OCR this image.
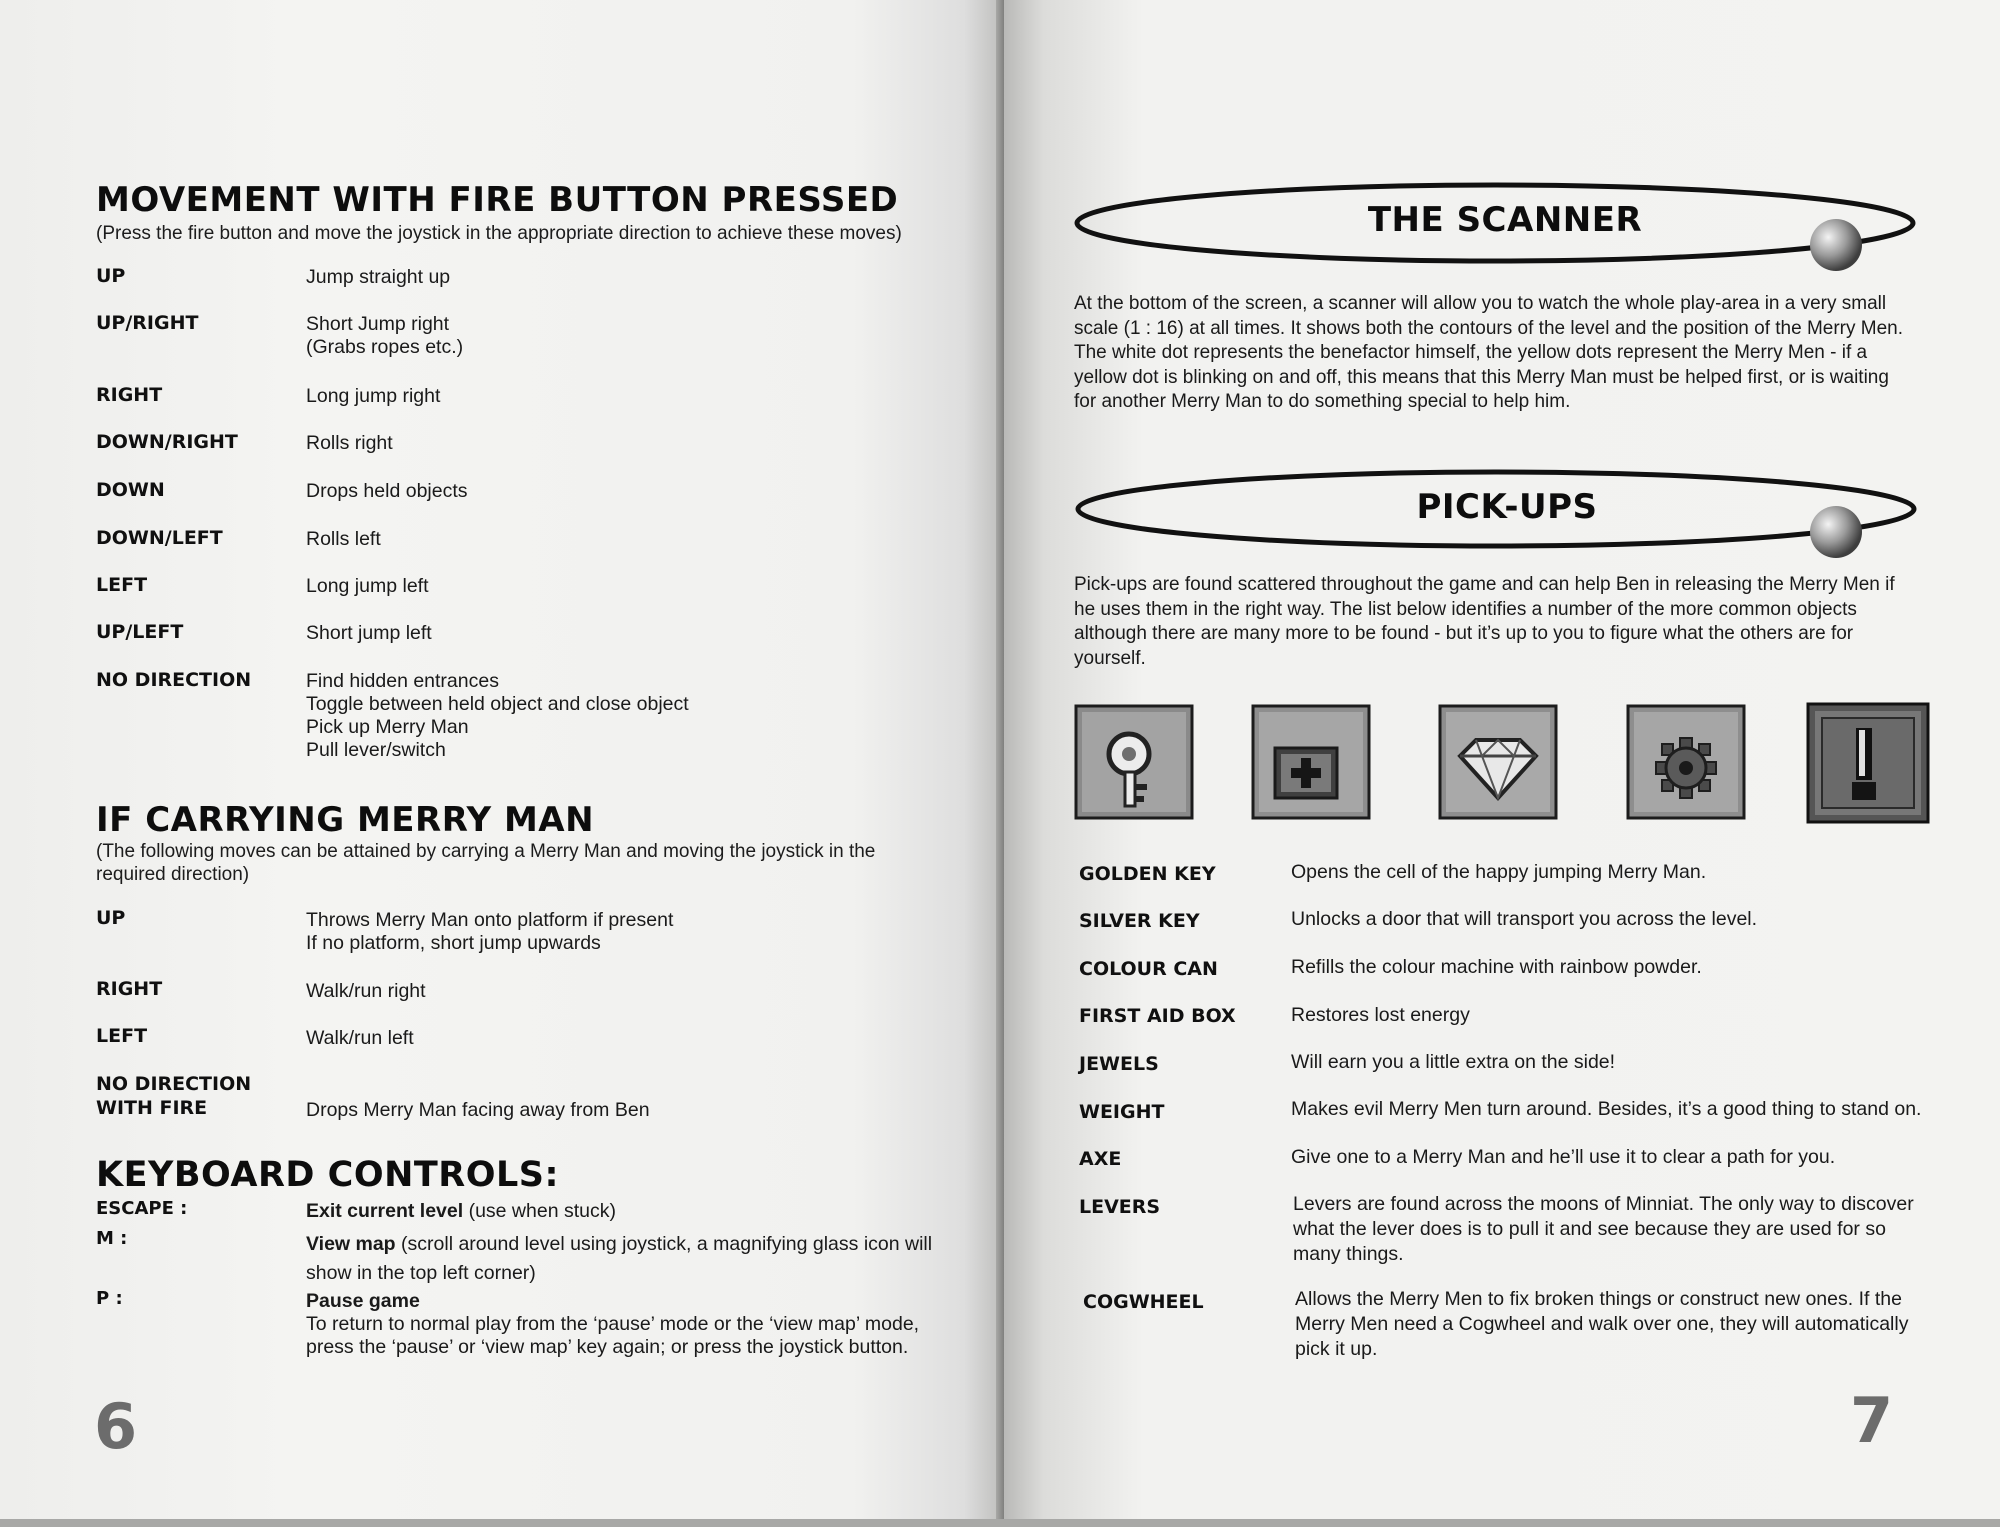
MOVEMENT WITH FIRE BUTTON PRESSED
(Press the fire button and move the joystick in the appropriate direction to achieve these moves)
UP	Jump straight up
UP/RIGHT	Short Jump right
(Grabs ropes etc.)
RIGHT	Long jump right
DOWN/RIGHT	Rolls right
DOWN	Drops held objects
DOWN/LEFT	Rolls left
LEFT	Long jump left
UP/LEFT	Short jump left
NO DIRECTION	Find hidden entrances
Toggle between held object and close object
Pick up Merry Man
Pull lever/switch
IF CARRYING MERRY MAN
(The following moves can be attained by carrying a Merry Man and moving the joystick in the
required direction)
UP	Throws Merry Man onto platform if present
If no platform, short jump upwards
RIGHT	Walk/run right
LEFT	Walk/run left
NO DIRECTION
WITH FIRE	Drops Merry Man facing away from Ben
KEYBOARD CONTROLS:
ESCAPE :	Exit current level (use when stuck)
M :	View map (scroll around level using joystick, a magnifying glass icon will
show in the top left corner)
P :	Pause game
To return to normal play from the ‘pause’ mode or the ‘view map’ mode,
press the ‘pause’ or ‘view map’ key again; or press the joystick button.
6
THE SCANNER
At the bottom of the screen, a scanner will allow you to watch the whole play-area in a very small
scale (1 : 16) at all times. It shows both the contours of the level and the position of the Merry Men.
The white dot represents the benefactor himself, the yellow dots represent the Merry Men - if a
yellow dot is blinking on and off, this means that this Merry Man must be helped first, or is waiting
for another Merry Man to do something special to help him.
PICK-UPS
Pick-ups are found scattered throughout the game and can help Ben in releasing the Merry Men if
he uses them in the right way. The list below identifies a number of the more common objects
although there are many more to be found - but it’s up to you to figure what the others are for
yourself.
GOLDEN KEY	Opens the cell of the happy jumping Merry Man.
SILVER KEY	Unlocks a door that will transport you across the level.
COLOUR CAN	Refills the colour machine with rainbow powder.
FIRST AID BOX	Restores lost energy
JEWELS	Will earn you a little extra on the side!
WEIGHT	Makes evil Merry Men turn around. Besides, it’s a good thing to stand on.
AXE	Give one to a Merry Man and he’ll use it to clear a path for you.
LEVERS	Levers are found across the moons of Minniat. The only way to discover
what the lever does is to pull it and see because they are used for so
many things.
COGWHEEL	Allows the Merry Men to fix broken things or construct new ones. If the
Merry Men need a Cogwheel and walk over one, they will automatically
pick it up.
7
